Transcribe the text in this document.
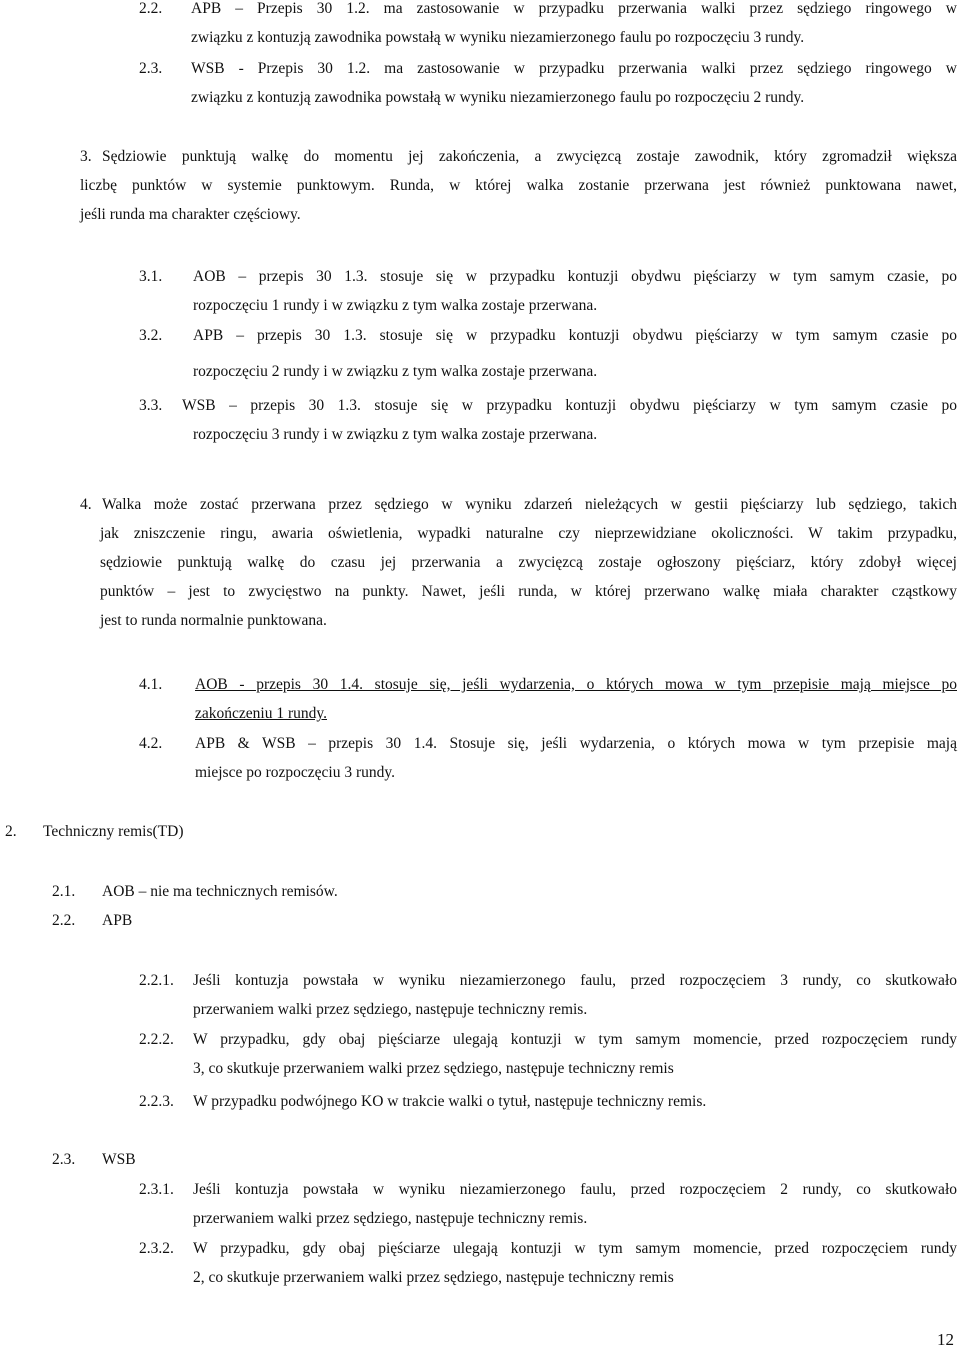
2.2. APB – Przepis 30 1.2. ma zastosowanie w przypadku przerwania walki przez sędziego ringowego w
związku z kontuzją zawodnika powstałą w wyniku niezamierzonego faulu po rozpoczęciu 3 rundy.
2.3. WSB - Przepis 30 1.2. ma zastosowanie w przypadku przerwania walki przez sędziego ringowego w
związku z kontuzją zawodnika powstałą w wyniku niezamierzonego faulu po rozpoczęciu 2 rundy.
3. Sędziowie punktują walkę do momentu jej zakończenia, a zwycięzcą zostaje zawodnik, który zgromadził większa
liczbę punktów w systemie punktowym. Runda, w której walka zostanie przerwana jest również punktowana nawet,
jeśli runda ma charakter częściowy.
3.1. AOB – przepis 30 1.3. stosuje się w przypadku kontuzji obydwu pięściarzy w tym samym czasie, po
rozpoczęciu 1 rundy i w związku z tym walka zostaje przerwana.
3.2. APB – przepis 30 1.3. stosuje się w przypadku kontuzji obydwu pięściarzy w tym samym czasie po
rozpoczęciu 2 rundy i w związku z tym walka zostaje przerwana.
3.3. WSB – przepis 30 1.3. stosuje się w przypadku kontuzji obydwu pięściarzy w tym samym czasie po
rozpoczęciu 3 rundy i w związku z tym walka zostaje przerwana.
4. Walka może zostać przerwana przez sędziego w wyniku zdarzeń nieleżących w gestii pięściarzy lub sędziego, takich
jak zniszczenie ringu, awaria oświetlenia, wypadki naturalne czy nieprzewidziane okoliczności. W takim przypadku,
sędziowie punktują walkę do czasu jej przerwania a zwycięzcą zostaje ogłoszony pięściarz, który zdobył więcej
punktów – jest to zwycięstwo na punkty. Nawet, jeśli runda, w której przerwano walkę miała charakter cząstkowy
jest to runda normalnie punktowana.
4.1. AOB - przepis 30 1.4. stosuje się, jeśli wydarzenia, o których mowa w tym przepisie mają miejsce po
zakończeniu 1 rundy.
4.2. APB & WSB – przepis 30 1.4. Stosuje się, jeśli wydarzenia, o których mowa w tym przepisie mają
miejsce po rozpoczęciu 3 rundy.
2. Techniczny remis(TD)
2.1. AOB – nie ma technicznych remisów.
2.2. APB
2.2.1. Jeśli kontuzja powstała w wyniku niezamierzonego faulu, przed rozpoczęciem 3 rundy, co skutkowało
przerwaniem walki przez sędziego, następuje techniczny remis.
2.2.2. W przypadku, gdy obaj pięściarze ulegają kontuzji w tym samym momencie, przed rozpoczęciem rundy
3, co skutkuje przerwaniem walki przez sędziego, następuje techniczny remis
2.2.3. W przypadku podwójnego KO w trakcie walki o tytuł, następuje techniczny remis.
2.3. WSB
2.3.1. Jeśli kontuzja powstała w wyniku niezamierzonego faulu, przed rozpoczęciem 2 rundy, co skutkowało
przerwaniem walki przez sędziego, następuje techniczny remis.
2.3.2. W przypadku, gdy obaj pięściarze ulegają kontuzji w tym samym momencie, przed rozpoczęciem rundy
2, co skutkuje przerwaniem walki przez sędziego, następuje techniczny remis
12
